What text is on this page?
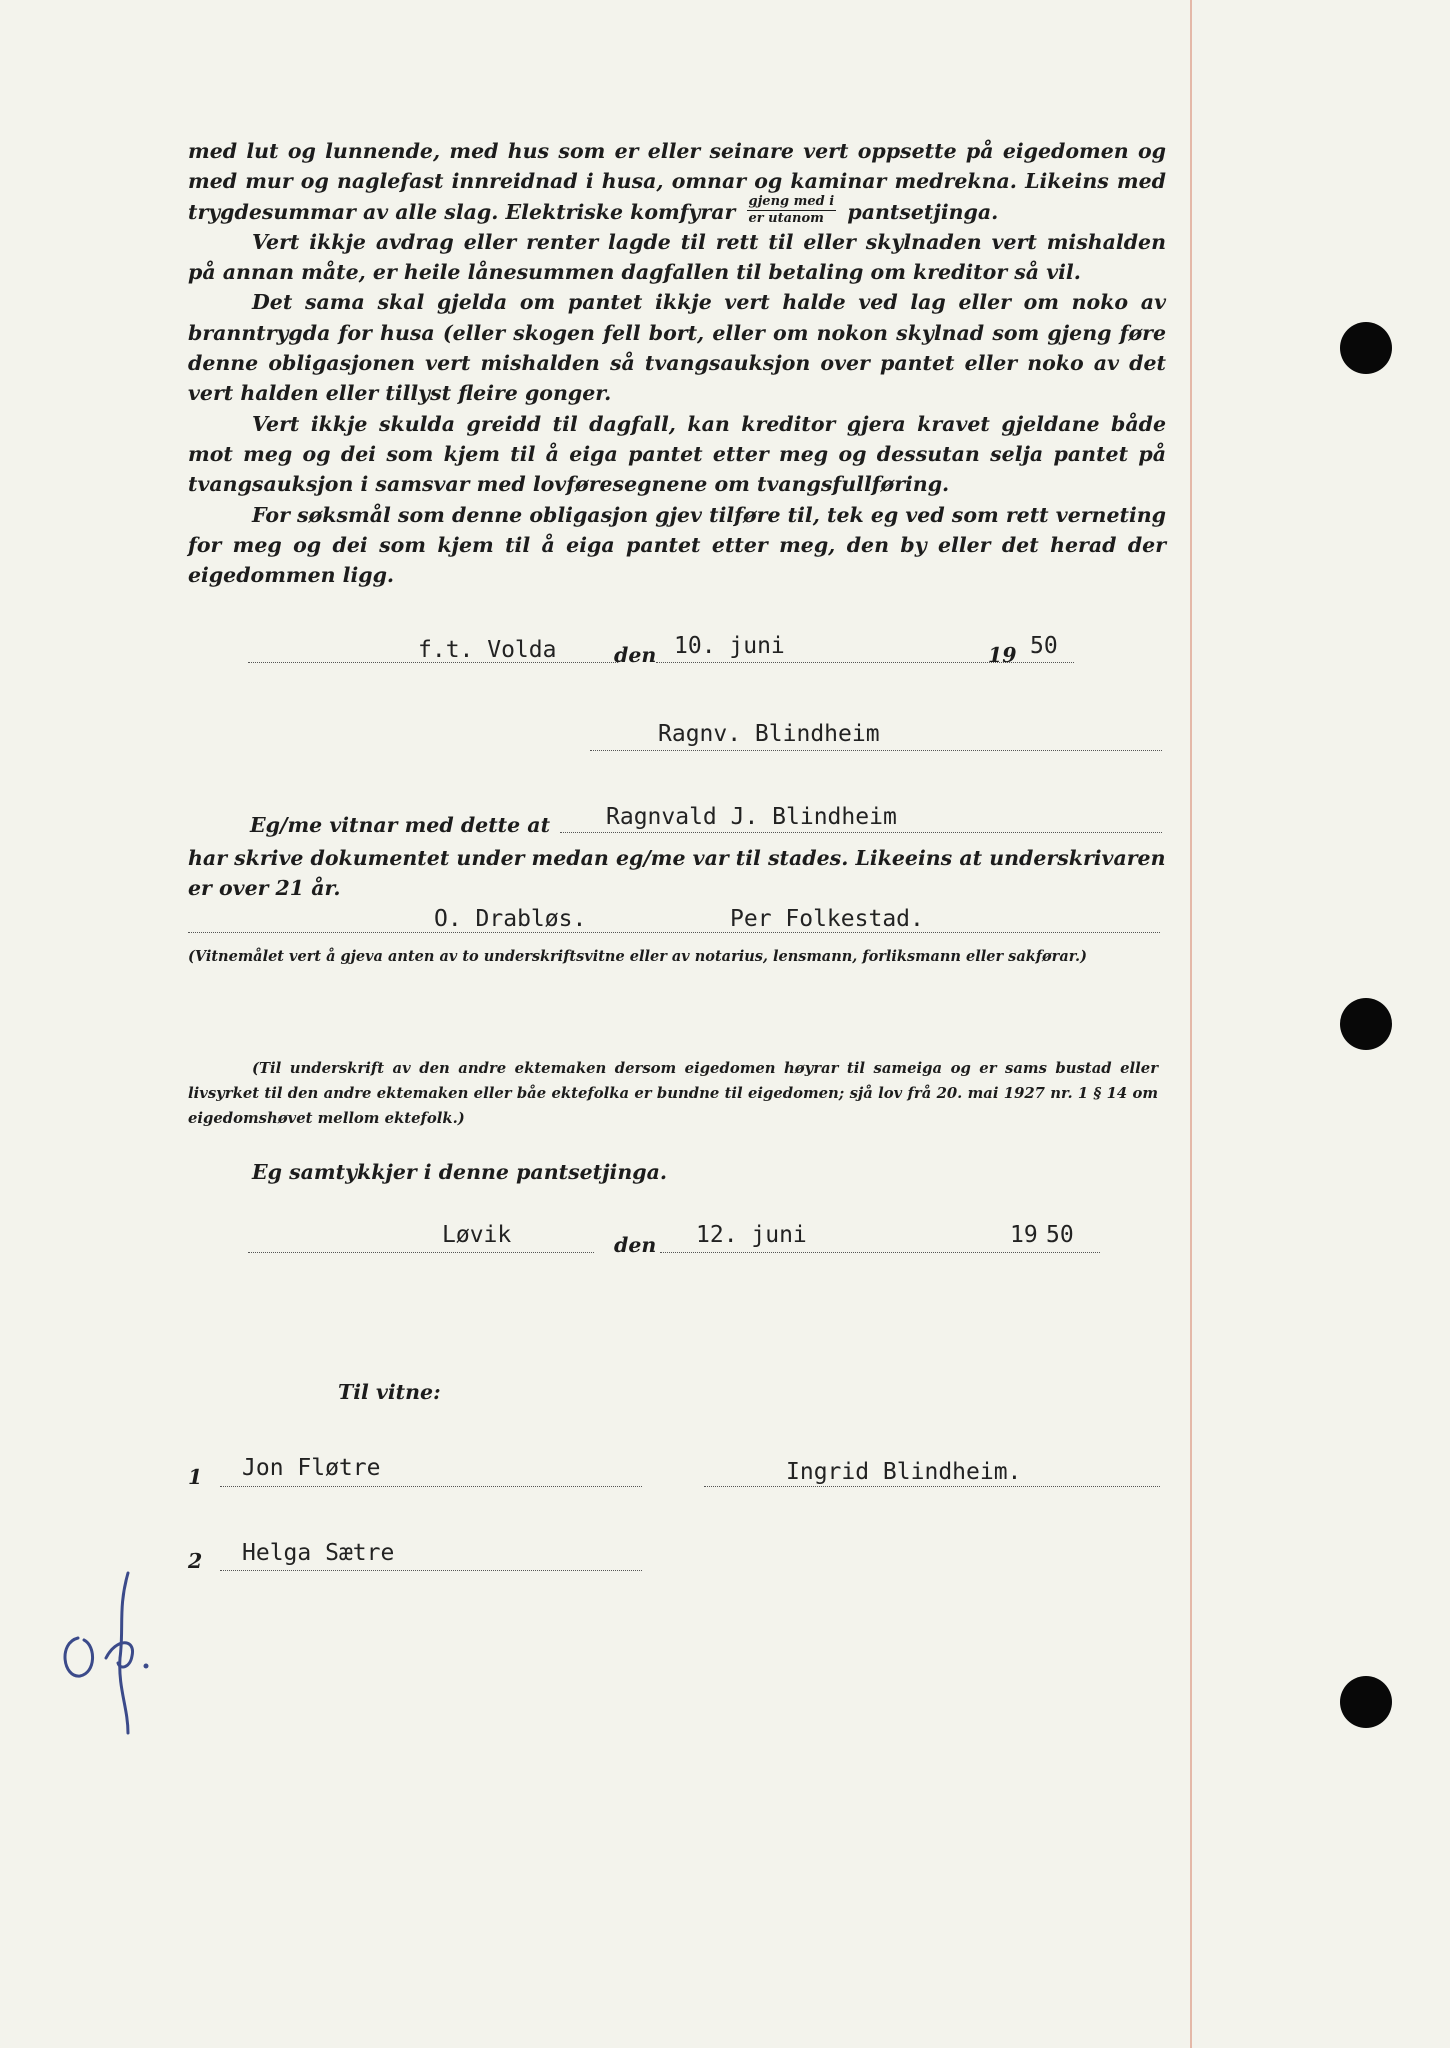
med lut og lunnende, med hus som er eller seinare vert oppsette på eigedomen og med mur og naglefast innreidnad i husa, omnar og kaminar medrekna. Likeins med trygdesummar av alle slag. Elektriske komfyrar $\frac{\text{gjeng med i}}{\text{er utanom}}$ pantsetjinga.

Vert ikkje avdrag eller renter lagde til rett til eller skylnaden vert mishalden på annan måte, er heile lånesummen dagfallen til betaling om kreditor så vil.

Det sama skal gjelda om pantet ikkje vert halde ved lag eller om noko av branntrygda for husa (eller skogen fell bort, eller om nokon skylnad som gjeng føre denne obligasjonen vert mishalden så tvangsauksjon over pantet eller noko av det vert halden eller tillyst fleire gonger.

Vert ikkje skulda greidd til dagfall, kan kreditor gjera kravet gjeldane både mot meg og dei som kjem til å eiga pantet etter meg og dessutan selja pantet på tvangsauksjon i samsvar med lovføresegnene om tvangsfullføring.

For søksmål som denne obligasjon gjev tilføre til, tek eg ved som rett verneting for meg og dei som kjem til å eiga pantet etter meg, den by eller det herad der eigedommen ligg.

f.t. Volda	den 10. juni	19 50
Ragnv. Blindheim
Eg/me vitnar med dette at Ragnvald J. Blindheim
har skrive dokumentet under medan eg/me var til stades. Likeeins at underskrivaren er over 21 år.
O. Drabløs.	Per Folkestad.
(Vitnemålet vert å gjeva anten av to underskriftsvitne eller av notarius, lensmann, forliksmann eller sakførar.)
(Til underskrift av den andre ektemaken dersom eigedomen høyrar til sameiga og er sams bustad eller livsyrket til den andre ektemaken eller båe ektefolka er bundne til eigedomen; sjå lov frå 20. mai 1927 nr. 1 § 14 om eigedomshøvet mellom ektefolk.)
Eg samtykkjer i denne pantsetjinga.
Løvik	den 12. juni	19 50
Til vitne:
1 Jon Fløtre	Ingrid Blindheim.
2 Helga Sætre
